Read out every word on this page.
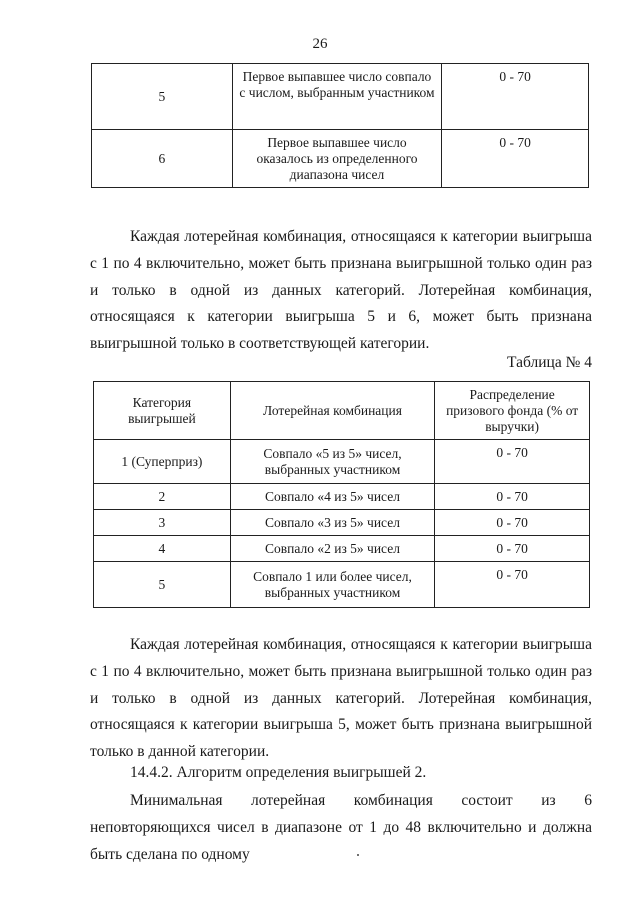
26
5	Первое выпавшее число совпало с числом, выбранным участником	0 - 70
6	Первое выпавшее число оказалось из определенного диапазона чисел	0 - 70

Каждая лотерейная комбинация, относящаяся к категории выигрыша с 1 по 4 включительно, может быть признана выигрышной только один раз и только в одной из данных категорий. Лотерейная комбинация, относящаяся к категории выигрыша 5 и 6, может быть признана выигрышной только в соответствующей категории.

Таблица № 4
Категория выигрышей	Лотерейная комбинация	Распределение призового фонда (% от выручки)
1 (Суперприз)	Совпало «5 из 5» чисел, выбранных участником	0 - 70
2	Совпало «4 из 5» чисел	0 - 70
3	Совпало «3 из 5» чисел	0 - 70
4	Совпало «2 из 5» чисел	0 - 70
5	Совпало 1 или более чисел, выбранных участником	0 - 70

Каждая лотерейная комбинация, относящаяся к категории выигрыша с 1 по 4 включительно, может быть признана выигрышной только один раз и только в одной из данных категорий. Лотерейная комбинация, относящаяся к категории выигрыша 5, может быть признана выигрышной только в данной категории.

14.4.2. Алгоритм определения выигрышей 2.

Минимальная лотерейная комбинация состоит из 6 неповторяющихся чисел в диапазоне от 1 до 48 включительно и должна быть сделана по одному
